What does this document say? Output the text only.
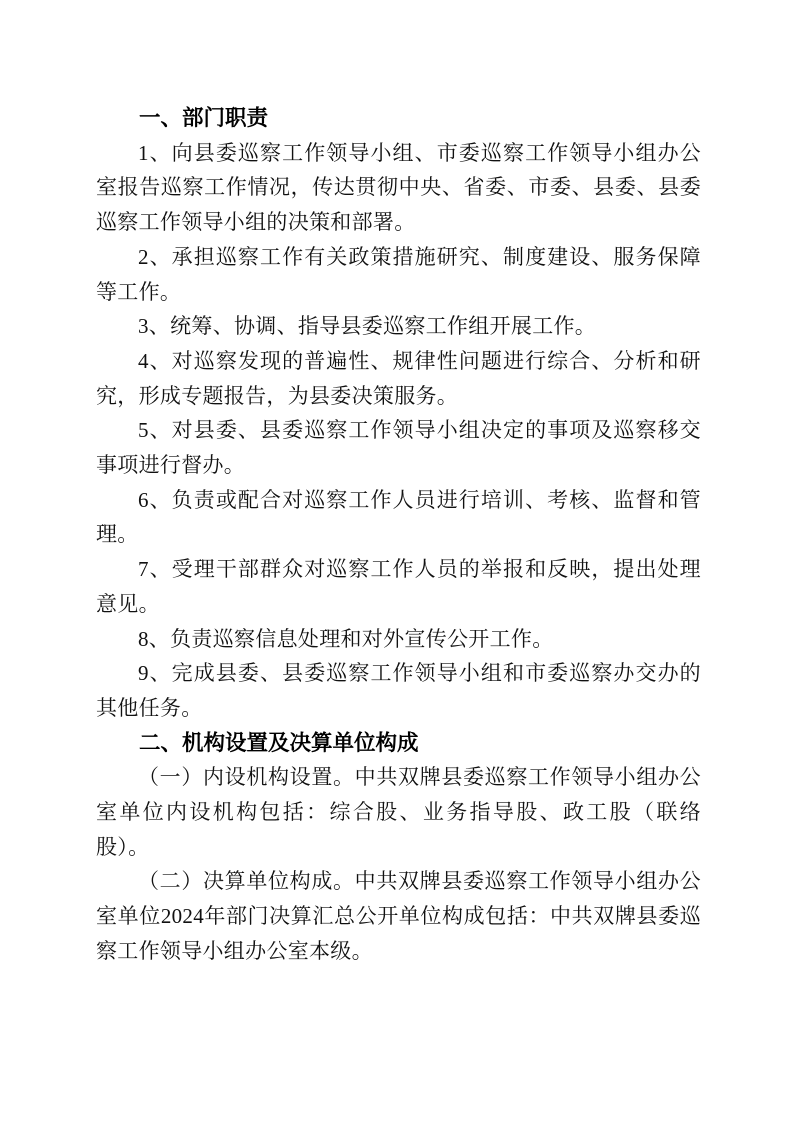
一、部门职责

1、向县委巡察工作领导小组、市委巡察工作领导小组办公室报告巡察工作情况，传达贯彻中央、省委、市委、县委、县委巡察工作领导小组的决策和部署。

2、承担巡察工作有关政策措施研究、制度建设、服务保障等工作。

3、统筹、协调、指导县委巡察工作组开展工作。

4、对巡察发现的普遍性、规律性问题进行综合、分析和研究，形成专题报告，为县委决策服务。

5、对县委、县委巡察工作领导小组决定的事项及巡察移交事项进行督办。

6、负责或配合对巡察工作人员进行培训、考核、监督和管理。

7、受理干部群众对巡察工作人员的举报和反映，提出处理意见。

8、负责巡察信息处理和对外宣传公开工作。

9、完成县委、县委巡察工作领导小组和市委巡察办交办的其他任务。

二、机构设置及决算单位构成

（一）内设机构设置。中共双牌县委巡察工作领导小组办公室单位内设机构包括：综合股、业务指导股、政工股（联络股）。

（二）决算单位构成。中共双牌县委巡察工作领导小组办公室单位2024年部门决算汇总公开单位构成包括：中共双牌县委巡察工作领导小组办公室本级。
